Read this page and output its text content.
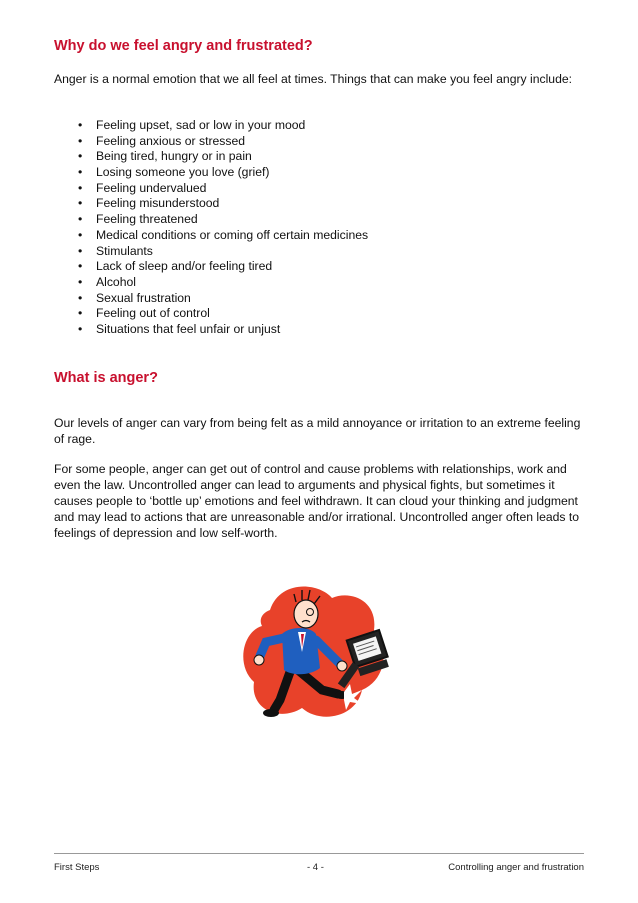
Why do we feel angry and frustrated?

Anger is a normal emotion that we all feel at times. Things that can make you feel angry include:

• Feeling upset, sad or low in your mood
• Feeling anxious or stressed
• Being tired, hungry or in pain
• Losing someone you love (grief)
• Feeling undervalued
• Feeling misunderstood
• Feeling threatened
• Medical conditions or coming off certain medicines
• Stimulants
• Lack of sleep and/or feeling tired
• Alcohol
• Sexual frustration
• Feeling out of control
• Situations that feel unfair or unjust
What is anger?

Our levels of anger can vary from being felt as a mild annoyance or irritation to an extreme feeling of rage.

For some people, anger can get out of control and cause problems with relationships, work and even the law. Uncontrolled anger can lead to arguments and physical fights, but sometimes it causes people to ‘bottle up’ emotions and feel withdrawn. It can cloud your thinking and judgment and may lead to actions that are unreasonable and/or irrational. Uncontrolled anger often leads to feelings of depression and low self-worth.

First Steps	- 4 -	Controlling anger and frustration
